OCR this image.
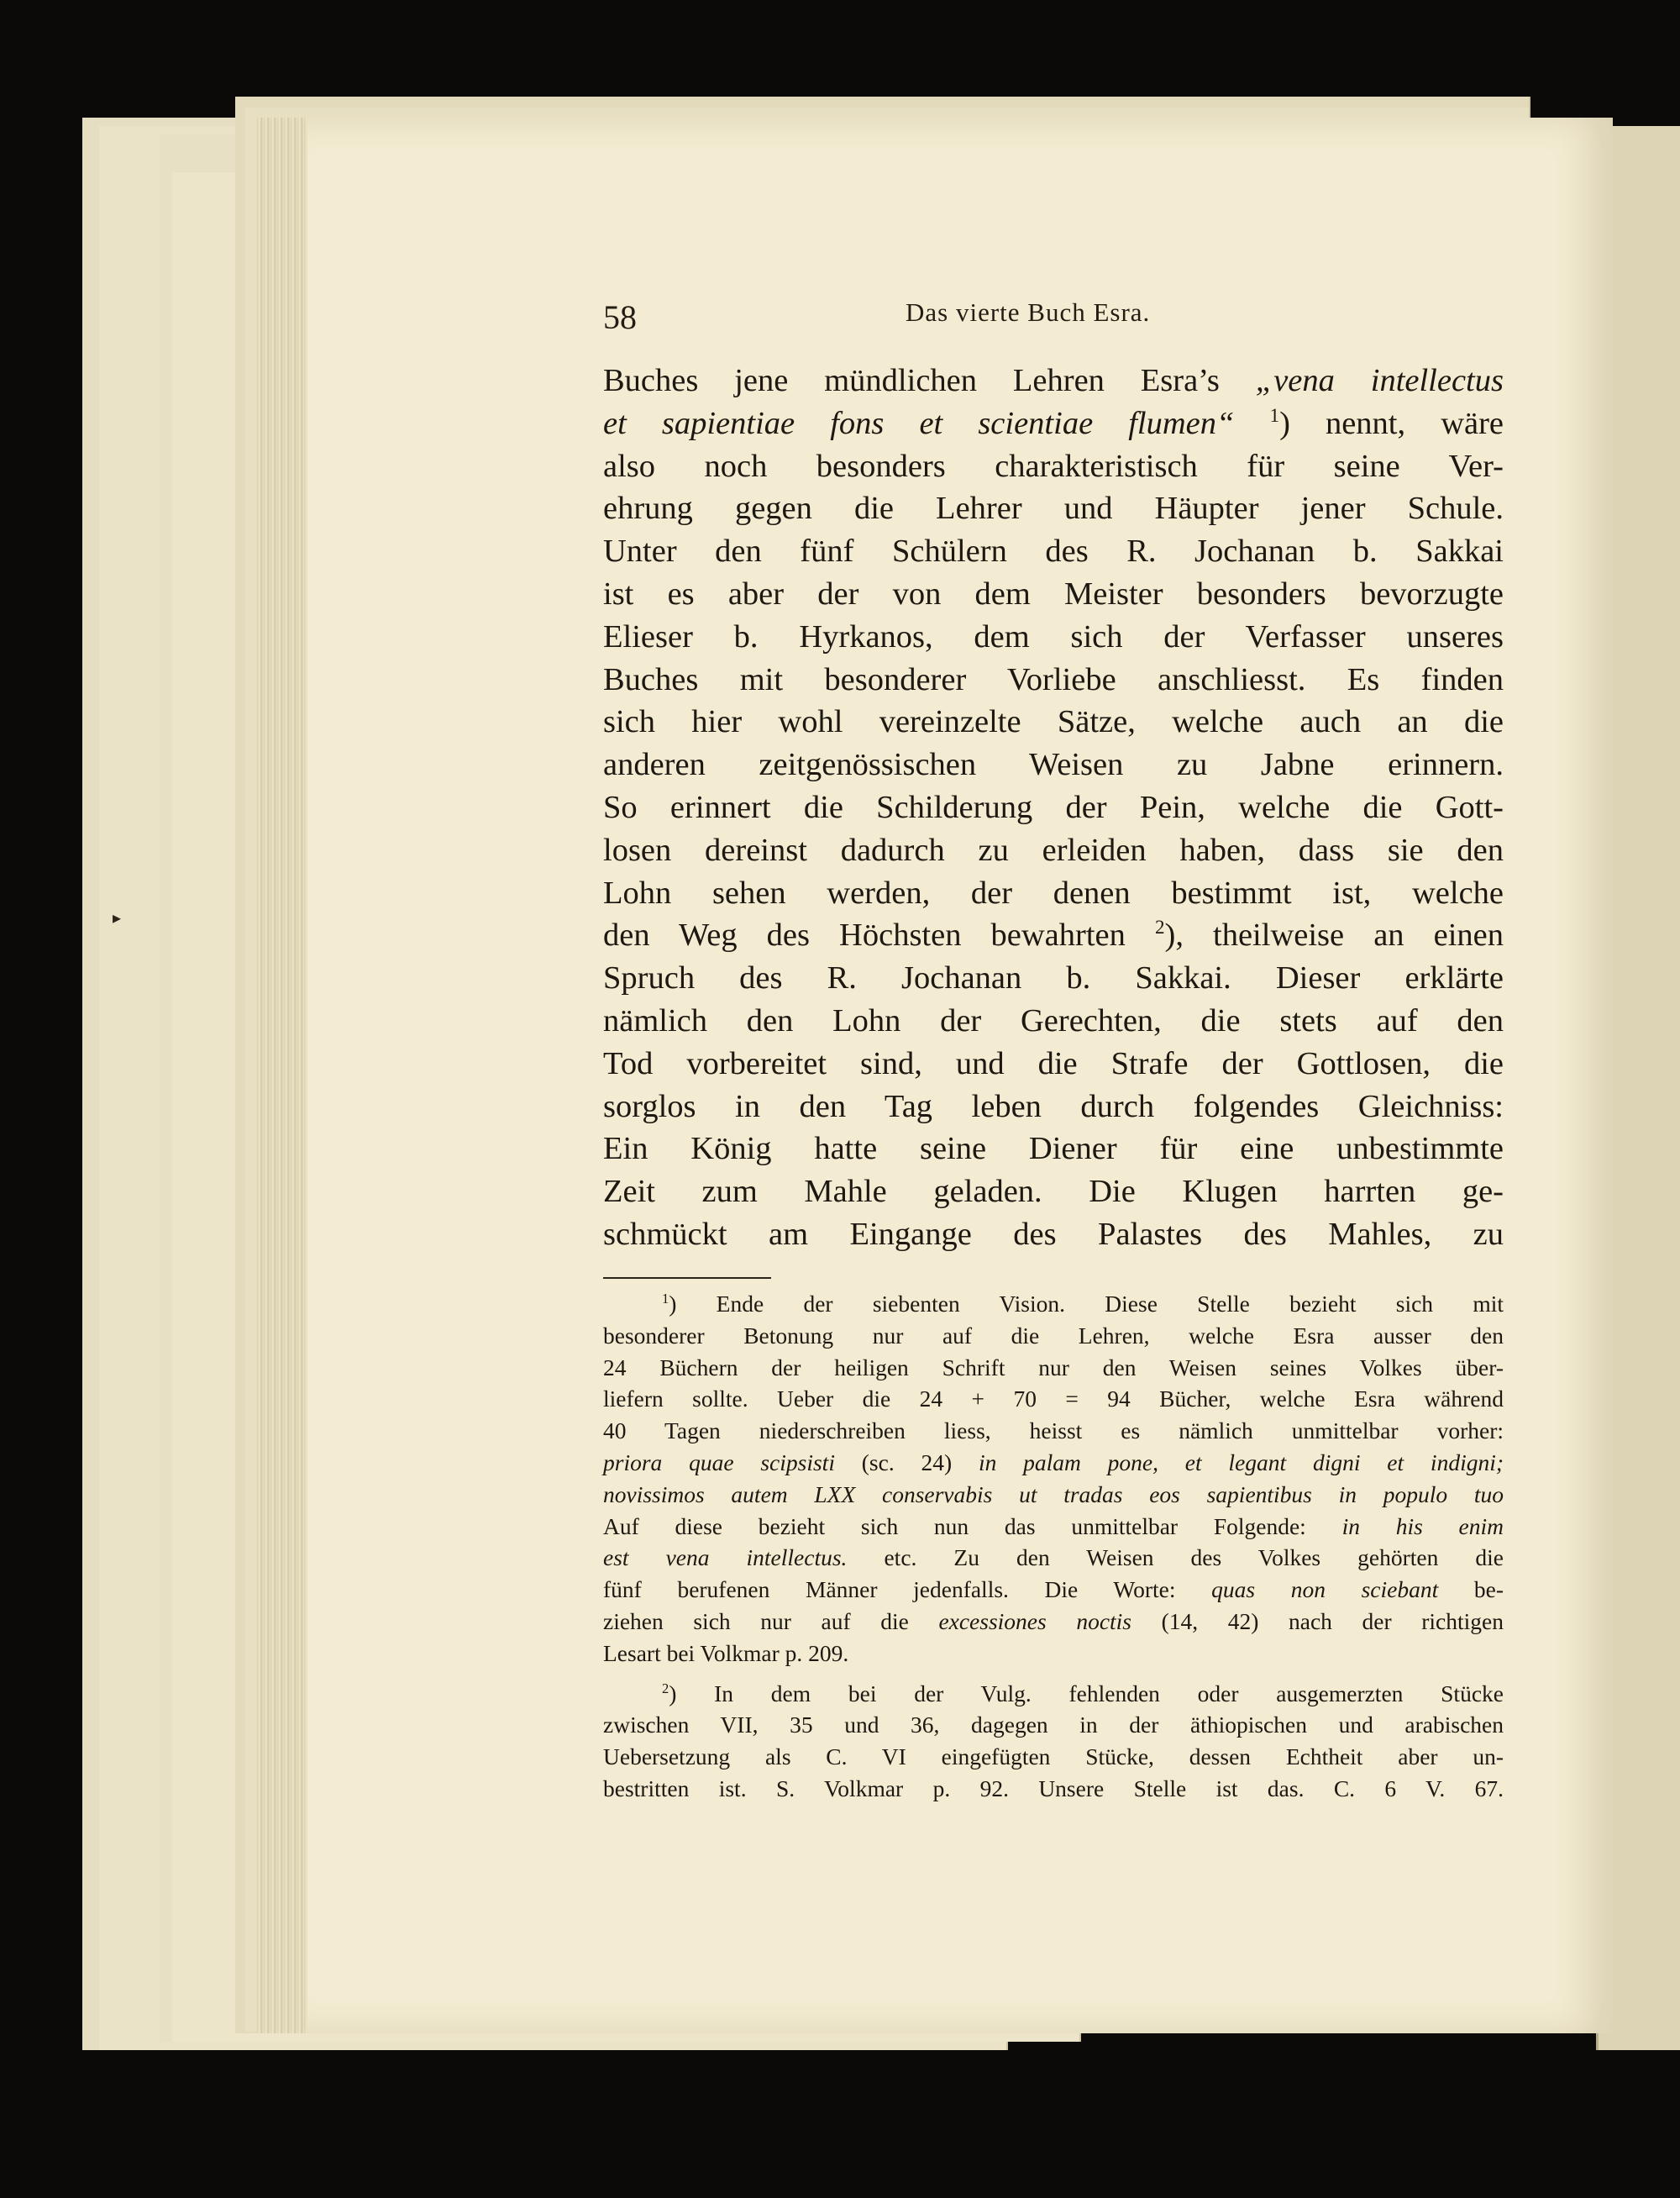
▸
58	Das vierte Buch Esra.
Buches jene mündlichen Lehren Esra’s „vena intellectus
et sapientiae fons et scientiae flumen“ $^1$) nennt, wäre
also noch besonders charakteristisch für seine Ver-
ehrung gegen die Lehrer und Häupter jener Schule.
Unter den fünf Schülern des R. Jochanan b. Sakkai
ist es aber der von dem Meister besonders bevorzugte
Elieser b. Hyrkanos, dem sich der Verfasser unseres
Buches mit besonderer Vorliebe anschliesst. Es finden
sich hier wohl vereinzelte Sätze, welche auch an die
anderen zeitgenössischen Weisen zu Jabne erinnern.
So erinnert die Schilderung der Pein, welche die Gott-
losen dereinst dadurch zu erleiden haben, dass sie den
Lohn sehen werden, der denen bestimmt ist, welche
den Weg des Höchsten bewahrten $^2$), theilweise an einen
Spruch des R. Jochanan b. Sakkai. Dieser erklärte
nämlich den Lohn der Gerechten, die stets auf den
Tod vorbereitet sind, und die Strafe der Gottlosen, die
sorglos in den Tag leben durch folgendes Gleichniss:
Ein König hatte seine Diener für eine unbestimmte
Zeit zum Mahle geladen. Die Klugen harrten ge-
schmückt am Eingange des Palastes des Mahles, zu
$^1$) Ende der siebenten Vision. Diese Stelle bezieht sich mit
besonderer Betonung nur auf die Lehren, welche Esra ausser den
24 Büchern der heiligen Schrift nur den Weisen seines Volkes über-
liefern sollte. Ueber die 24 + 70 = 94 Bücher, welche Esra während
40 Tagen niederschreiben liess, heisst es nämlich unmittelbar vorher:
priora quae scipsisti (sc. 24) in palam pone, et legant digni et indigni;
novissimos autem LXX conservabis ut tradas eos sapientibus in populo tuo
Auf diese bezieht sich nun das unmittelbar Folgende: in his enim
est vena intellectus. etc. Zu den Weisen des Volkes gehörten die
fünf berufenen Männer jedenfalls. Die Worte: quas non sciebant be-
ziehen sich nur auf die excessiones noctis (14, 42) nach der richtigen
Lesart bei Volkmar p. 209.
$^2$) In dem bei der Vulg. fehlenden oder ausgemerzten Stücke
zwischen VII, 35 und 36, dagegen in der äthiopischen und arabischen
Uebersetzung als C. VI eingefügten Stücke, dessen Echtheit aber un-
bestritten ist. S. Volkmar p. 92. Unsere Stelle ist das. C. 6 V. 67.
